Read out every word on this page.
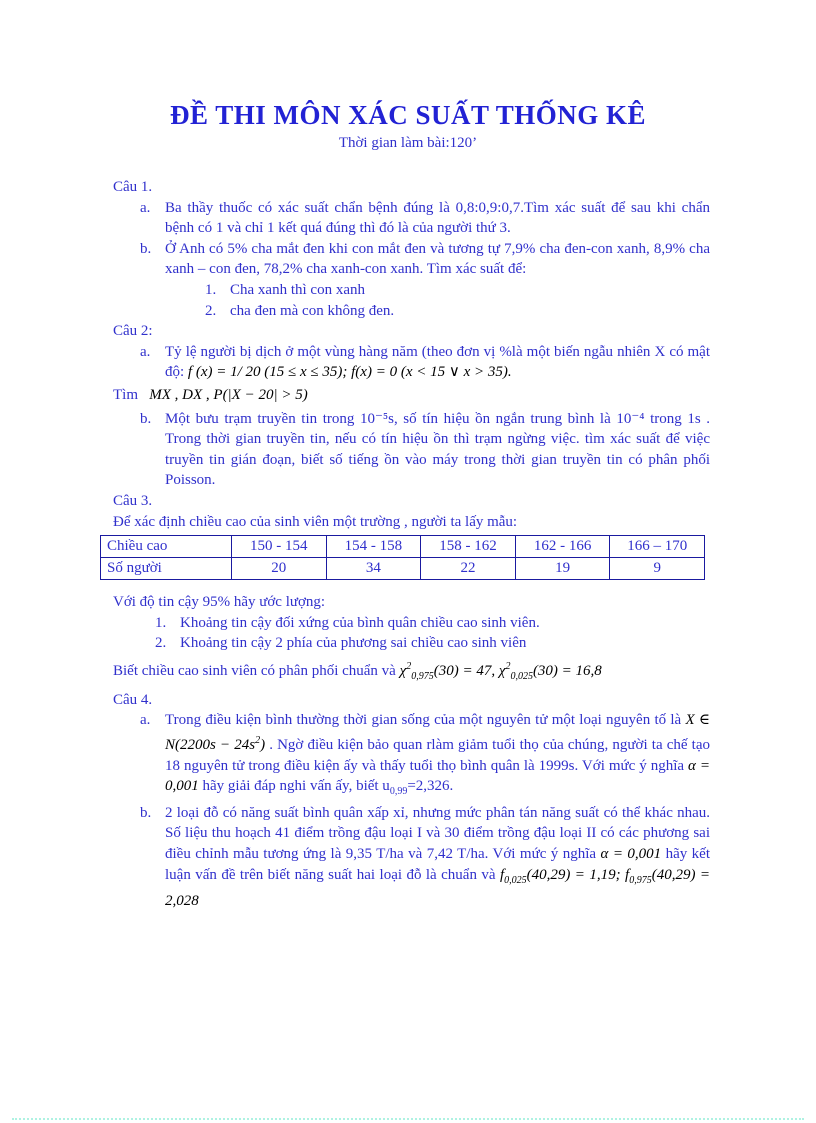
ĐỀ THI MÔN XÁC SUẤT THỐNG KÊ
Thời gian làm bài:120’
Câu 1.
a. Ba thầy thuốc có xác suất chẩn bệnh đúng là 0,8:0,9:0,7.Tìm xác suất để sau khi chẩn bệnh có 1 và chỉ 1 kết quá đúng thì đó là của người thứ 3.
b. Ở Anh có 5% cha mắt đen khi con mắt đen và tương tự 7,9% cha đen-con xanh, 8,9% cha xanh – con đen, 78,2% cha xanh-con xanh. Tìm xác suất để:
1. Cha xanh thì con xanh
2. cha đen mà con không đen.
Câu 2:
a. Tỷ lệ người bị dịch ở một vùng hàng năm (theo đơn vị %là một biến ngẫu nhiên X có mật độ: f (x) = 1/ 20 (15 ≤ x ≤ 35); f(x) = 0 (x < 15 ∨ x > 35).
Tìm   MX , DX , P(|X − 20| > 5)
b. Một bưu trạm truyền tin trong 10⁻⁵s, số tín hiệu ồn ngắn trung bình là 10⁻⁴ trong 1s . Trong thời gian truyền tin, nếu có tín hiệu ồn thì trạm ngừng việc. tìm xác suất để việc truyền tin gián đoạn, biết số tiếng ồn vào máy trong thời gian truyền tin có phân phối Poisson.
Câu 3.
Để xác định chiều cao của sinh viên một trường , người ta lấy mẫu:
Chiều cao	150 - 154	154 - 158	158 - 162	162 - 166	166 – 170
Số người	20	34	22	19	9
Với độ tin cậy 95% hãy ước lượng:
1. Khoảng tin cậy đối xứng của bình quân chiều cao sinh viên.
2. Khoảng tin cậy 2 phía của phương sai chiều cao sinh viên
Biết chiều cao sinh viên có phân phối chuẩn và $\chi^2_{0,975}(30) = 47$, $\chi^2_{0,025}(30) = 16,8$
Câu 4.
a. Trong điều kiện bình thường thời gian sống của một nguyên tử một loại nguyên tố là X ∈ $N(2200s - 24s^2)$ . Ngờ điều kiện bảo quan rlàm giảm tuổi thọ của chúng, người ta chế tạo 18 nguyên tử trong điều kiện ấy và thấy tuổi thọ bình quân là 1999s. Với mức ý nghĩa α = 0,001 hãy giải đáp nghi vấn ấy, biết $u_{0,99}=2,326$.
b. 2 loại đỗ có năng suất bình quân xấp xỉ, nhưng mức phân tán năng suất có thể khác nhau. Số liệu thu hoạch 41 điểm trồng đậu loại I và 30 điểm trồng đậu loại II có các phương sai điều chỉnh mẫu tương ứng là 9,35 T/ha và 7,42 T/ha. Với mức ý nghĩa α = 0,001 hãy kết luận vấn đề trên biết năng suất hai loại đỗ là chuẩn và $f_{0,025}(40,29) = 1,19$; $f_{0,975}(40,29) = 2,028$
